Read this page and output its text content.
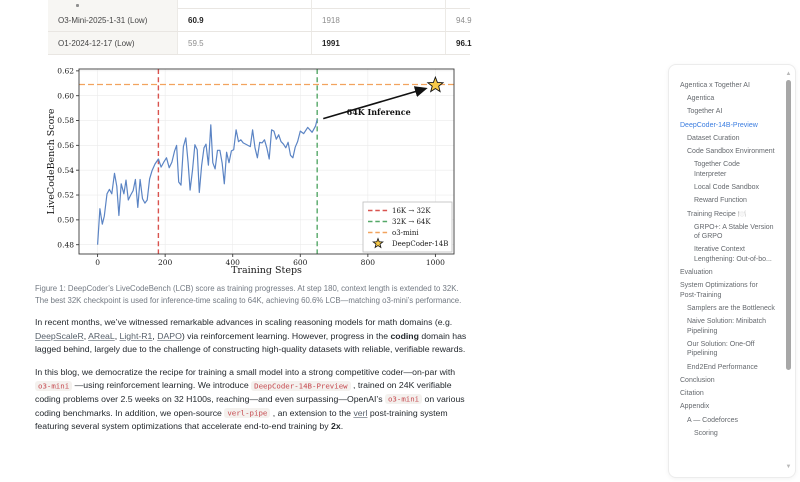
O3-Mini-2025-1-31 (Low)	60.9	1918	94.9
O1-2024-12-17 (Low)	59.5	1991	96.1
64K Inference
0	200	400	600	800	1000
0.48
0.50
0.52
0.54
0.56
0.58
0.60
0.62
Training Steps
LiveCodeBench Score	16K → 32K
32K → 64K
o3-mini
DeepCoder-14B

Figure 1: DeepCoder’s LiveCodeBench (LCB) score as training progresses. At step 180, context length is extended to 32K. The best 32K checkpoint is used for inference-time scaling to 64K, achieving 60.6% LCB—matching o3-mini’s performance.

In recent months, we’ve witnessed remarkable advances in scaling reasoning models for math domains (e.g. DeepScaleR, AReaL, Light-R1, DAPO) via reinforcement learning. However, progress in the coding domain has lagged behind, largely due to the challenge of constructing high-quality datasets with reliable, verifiable rewards.

In this blog, we democratize the recipe for training a small model into a strong competitive coder—on-par with o3-mini —using reinforcement learning. We introduce DeepCoder-14B-Preview , trained on 24K verifiable coding problems over 2.5 weeks on 32 H100s, reaching—and even surpassing—OpenAI’s o3-mini on various coding benchmarks. In addition, we open-source verl-pipe , an extension to the verl post-training system featuring several system optimizations that accelerate end-to-end training by 2x.

Agentica x Together AI
Agentica
Together AI
DeepCoder-14B-Preview
Dataset Curation
Code Sandbox Environment
Together Code
Interpreter
Local Code Sandbox
Reward Function
Training Recipe 🍽️
GRPO+: A Stable Version
of GRPO
Iterative Context
Lengthening: Out-of-bo...
Evaluation
System Optimizations for
Post-Training
Samplers are the Bottleneck
Naive Solution: Minibatch
Pipelining
Our Solution: One-Off
Pipelining
End2End Performance
Conclusion
Citation
Appendix
A — Codeforces
Scoring
▲
▼
